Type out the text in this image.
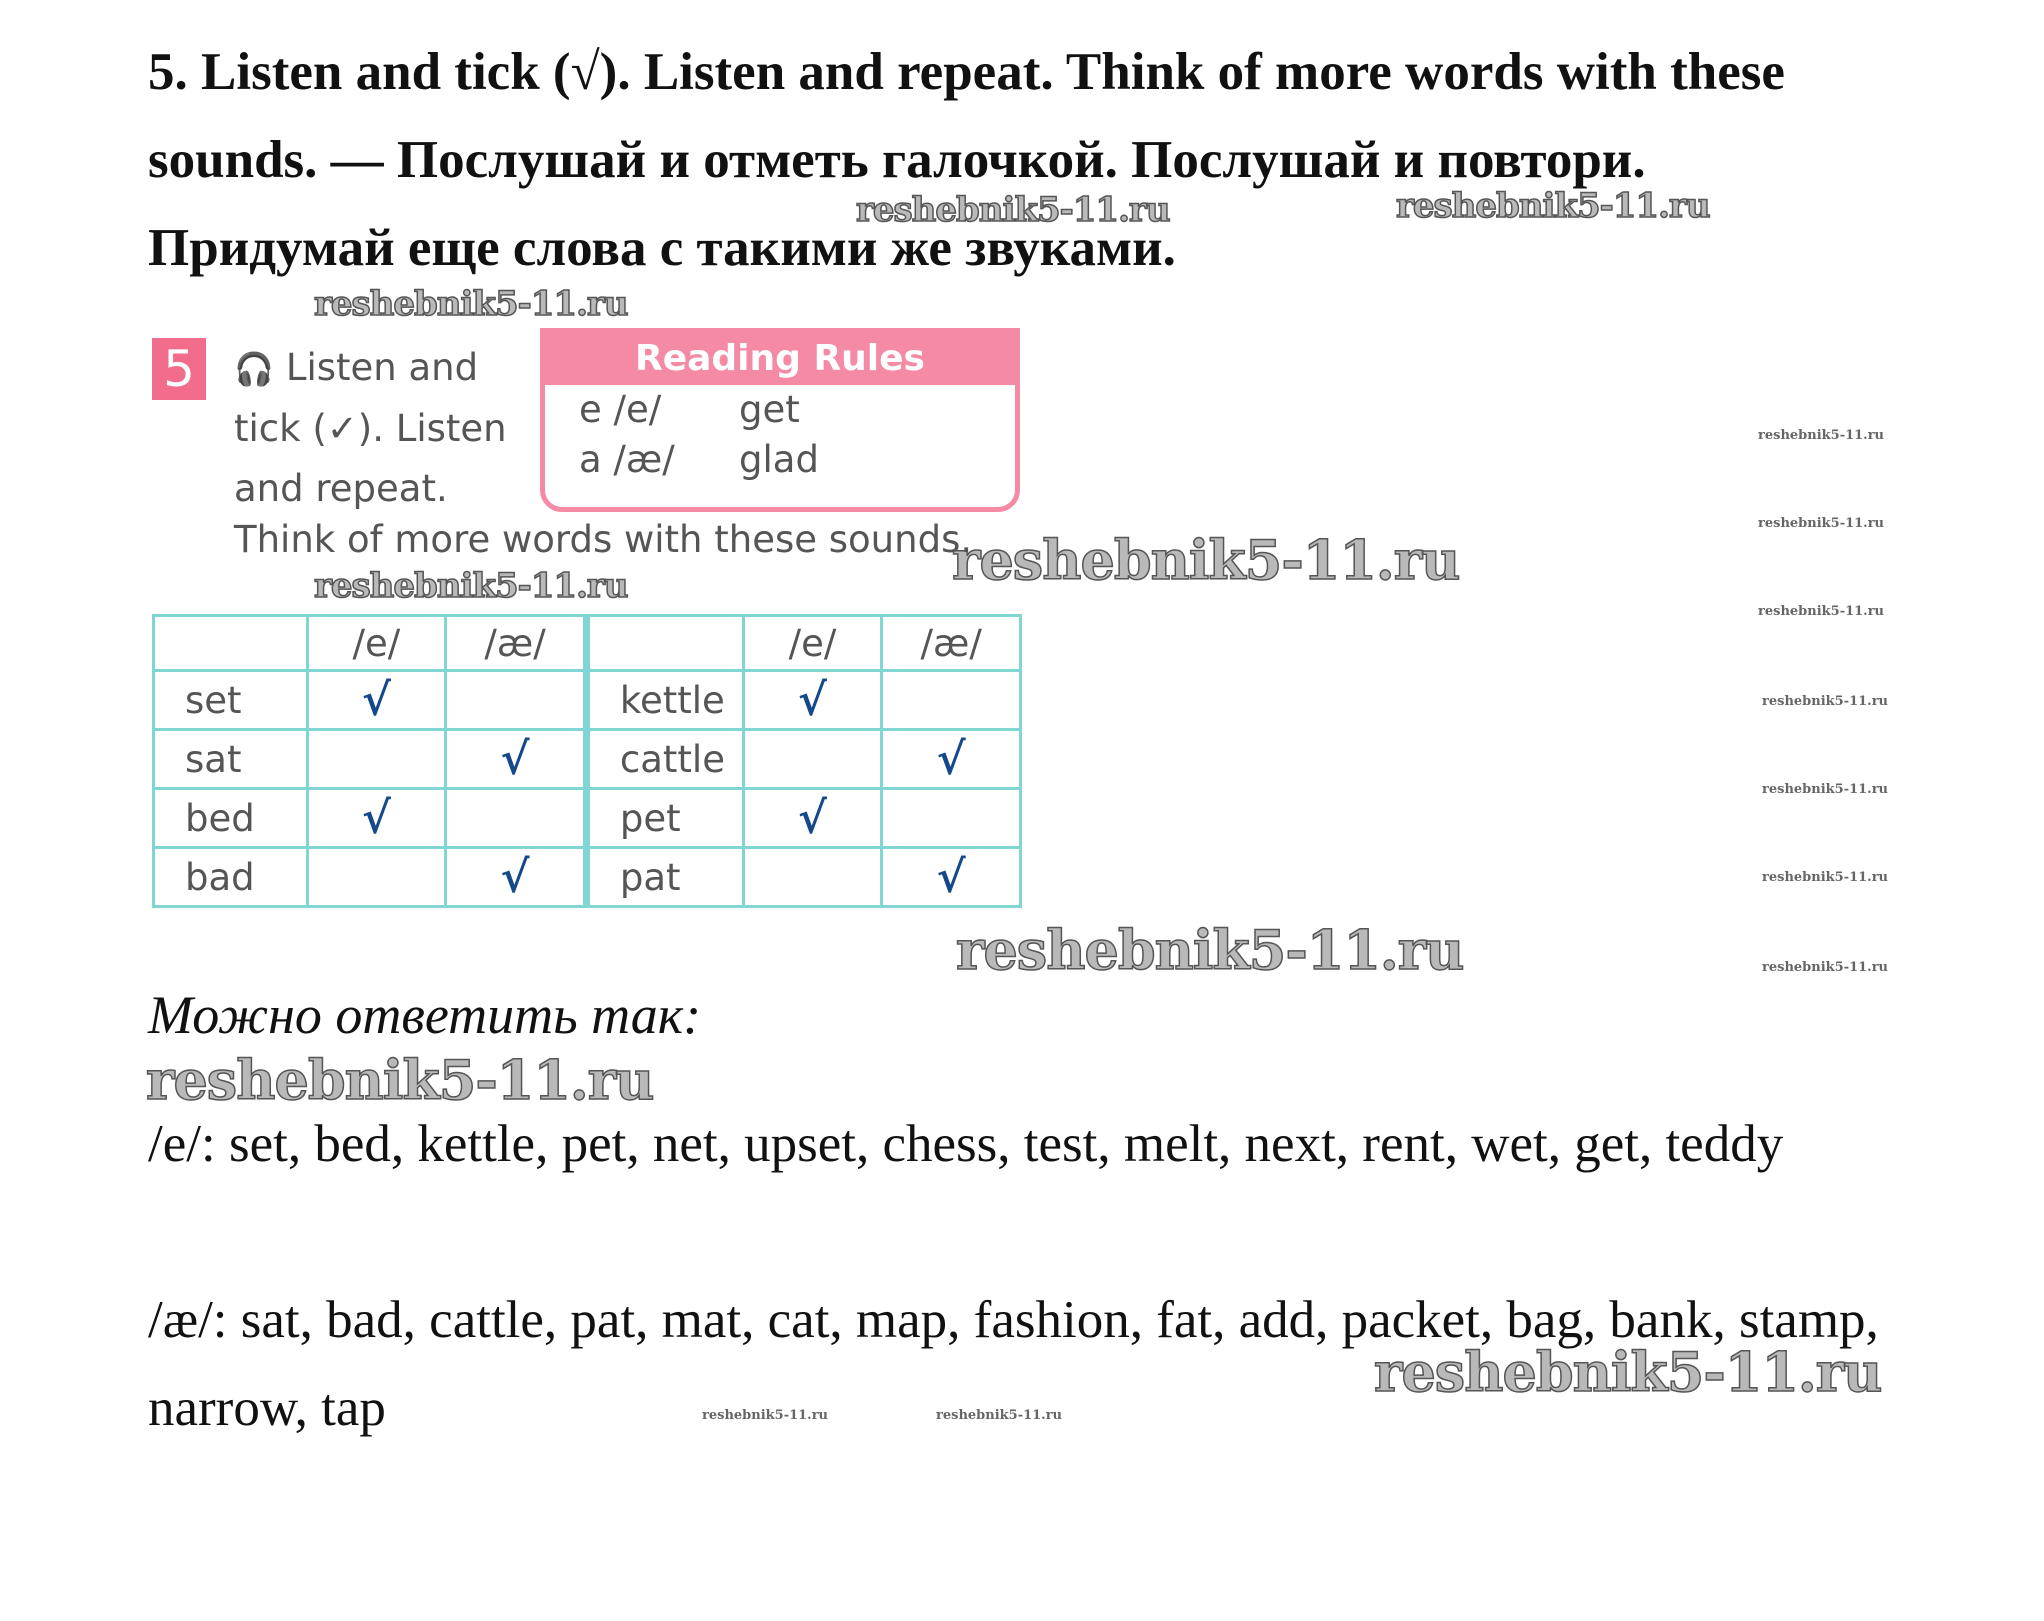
5. Listen and tick (√). Listen and repeat. Think of more words with these sounds. — Послушай и отметь галочкой. Послушай и повтори. Придумай еще слова с такими же звуками.

reshebnik5-11.ru	reshebnik5-11.ru
reshebnik5-11.ru
reshebnik5-11.ru	reshebnik5-11.ru
reshebnik5-11.ru
reshebnik5-11.ru
reshebnik5-11.ru
reshebnik5-11.ru
reshebnik5-11.ru
reshebnik5-11.ru
reshebnik5-11.ru
reshebnik5-11.ru
reshebnik5-11.ru
reshebnik5-11.ru
reshebnik5-11.ru	reshebnik5-11.ru
5	🎧 Listen and tick (✓). Listen and repeat.
Think of more words with these sounds.
Reading Rules
e /e/	get
a /æ/	glad
	/e/	/æ/		/e/	/æ/
set	√		kettle	√	
sat		√	cattle		√
bed	√		pet	√	
bad		√	pat		√
Можно ответить так:

/e/: set, bed, kettle, pet, net, upset, chess, test, melt, next, rent, wet, get, teddy

/æ/: sat, bad, cattle, pat, mat, cat, map, fashion, fat, add, packet, bag, bank, stamp, narrow, tap
